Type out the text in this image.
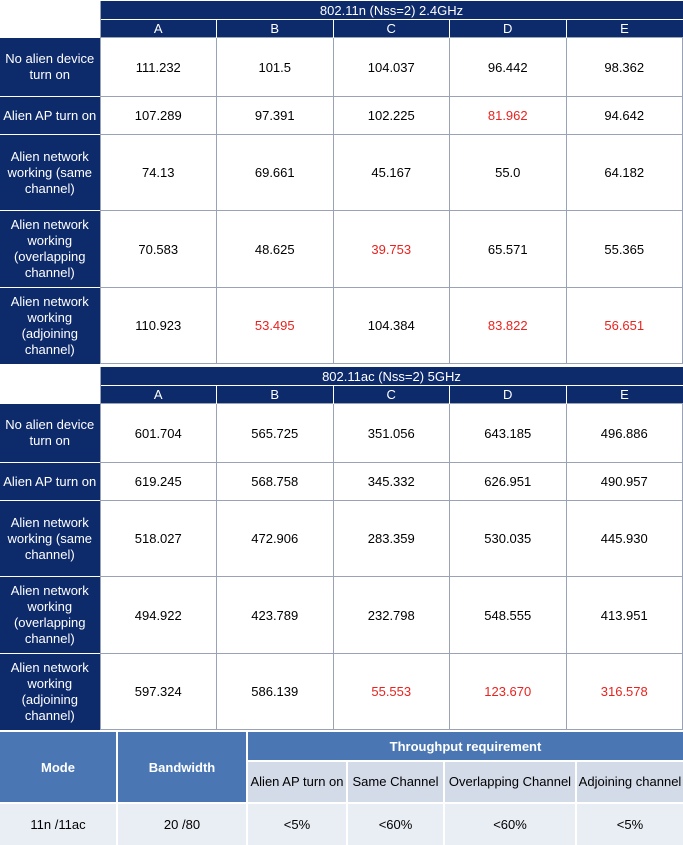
	802.11n (Nss=2) 2.4GHz				
	A	B	C	D	E
No alien device turn on	111.232	101.5	104.037	96.442	98.362
Alien AP turn on	107.289	97.391	102.225	81.962	94.642
Alien network working (same channel)	74.13	69.661	45.167	55.0	64.182
Alien network working (overlapping channel)	70.583	48.625	39.753	65.571	55.365
Alien network working (adjoining channel)	110.923	53.495	104.384	83.822	56.651
	802.11ac (Nss=2) 5GHz				
	A	B	C	D	E
No alien device turn on	601.704	565.725	351.056	643.185	496.886
Alien AP turn on	619.245	568.758	345.332	626.951	490.957
Alien network working (same channel)	518.027	472.906	283.359	530.035	445.930
Alien network working (overlapping channel)	494.922	423.789	232.798	548.555	413.951
Alien network working (adjoining channel)	597.324	586.139	55.553	123.670	316.578
Mode	Bandwidth	Throughput requirement			
		Alien AP turn on	Same Channel	Overlapping Channel	Adjoining channel
11n /11ac	20 /80	<5%	<60%	<60%	<5%
